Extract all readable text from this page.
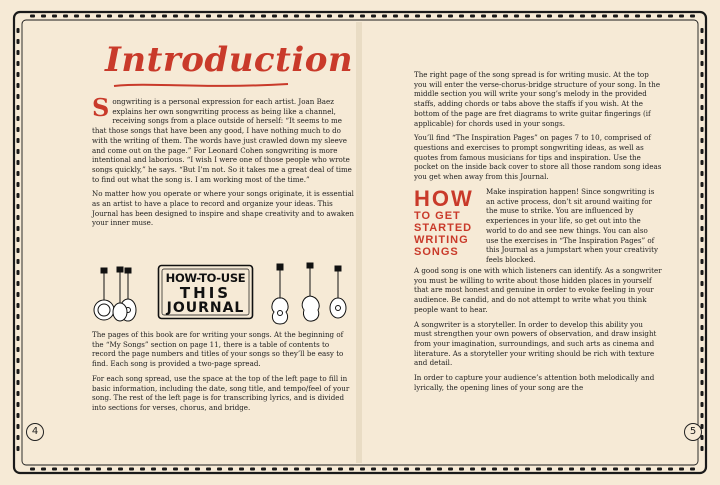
Introduction

S ongwriting is a personal expression for each artist. Joan Baez explains her own songwriting process as being like a channel, receiving songs from a place outside of herself: “It seems to me that those songs that have been any good, I have nothing much to do with the writing of them. The words have just crawled down my sleeve and come out on the page.” For Leonard Cohen songwriting is more intentional and laborious. “I wish I were one of those people who wrote songs quickly,” he says. “But I’m not. So it takes me a great deal of time to find out what the song is. I am working most of the time.”

No matter how you operate or where your songs originate, it is essential as an artist to have a place to record and organize your ideas. This Journal has been designed to inspire and shape creativity and to awaken your inner muse.

HOW-TO-USE
THIS
JOURNAL

The pages of this book are for writing your songs. At the beginning of the “My Songs” section on page 11, there is a table of contents to record the page numbers and titles of your songs so they’ll be easy to find. Each song is provided a two-page spread.

For each song spread, use the space at the top of the left page to fill in basic information, including the date, song title, and tempo/feel of your song. The rest of the left page is for transcribing lyrics, and is divided into sections for verses, chorus, and bridge.

4

The right page of the song spread is for writing music. At the top you will enter the verse-chorus-bridge structure of your song. In the middle section you will write your song’s melody in the provided staffs, adding chords or tabs above the staffs if you wish. At the bottom of the page are fret diagrams to write guitar fingerings (if applicable) for chords used in your songs.

You’ll find “The Inspiration Pages” on pages 7 to 10, comprised of questions and exercises to prompt songwriting ideas, as well as quotes from famous musicians for tips and inspiration. Use the pocket on the inside back cover to store all those random song ideas you get when away from this Journal.

HOW
TO GET
STARTED
WRITING
SONGS

Make inspiration happen! Since songwriting is an active process, don’t sit around waiting for the muse to strike. You are influenced by experiences in your life, so get out into the world to do and see new things. You can also use the exercises in “The Inspiration Pages” of this Journal as a jumpstart when your creativity feels blocked.

A good song is one with which listeners can identify. As a songwriter you must be willing to write about those hidden places in yourself that are most honest and genuine in order to evoke feeling in your audience. Be candid, and do not attempt to write what you think people want to hear.

A songwriter is a storyteller. In order to develop this ability you must strengthen your own powers of observation, and draw insight from your imagination, surroundings, and such arts as cinema and literature. As a storyteller your writing should be rich with texture and detail.

In order to capture your audience’s attention both melodically and lyrically, the opening lines of your song are the

5
